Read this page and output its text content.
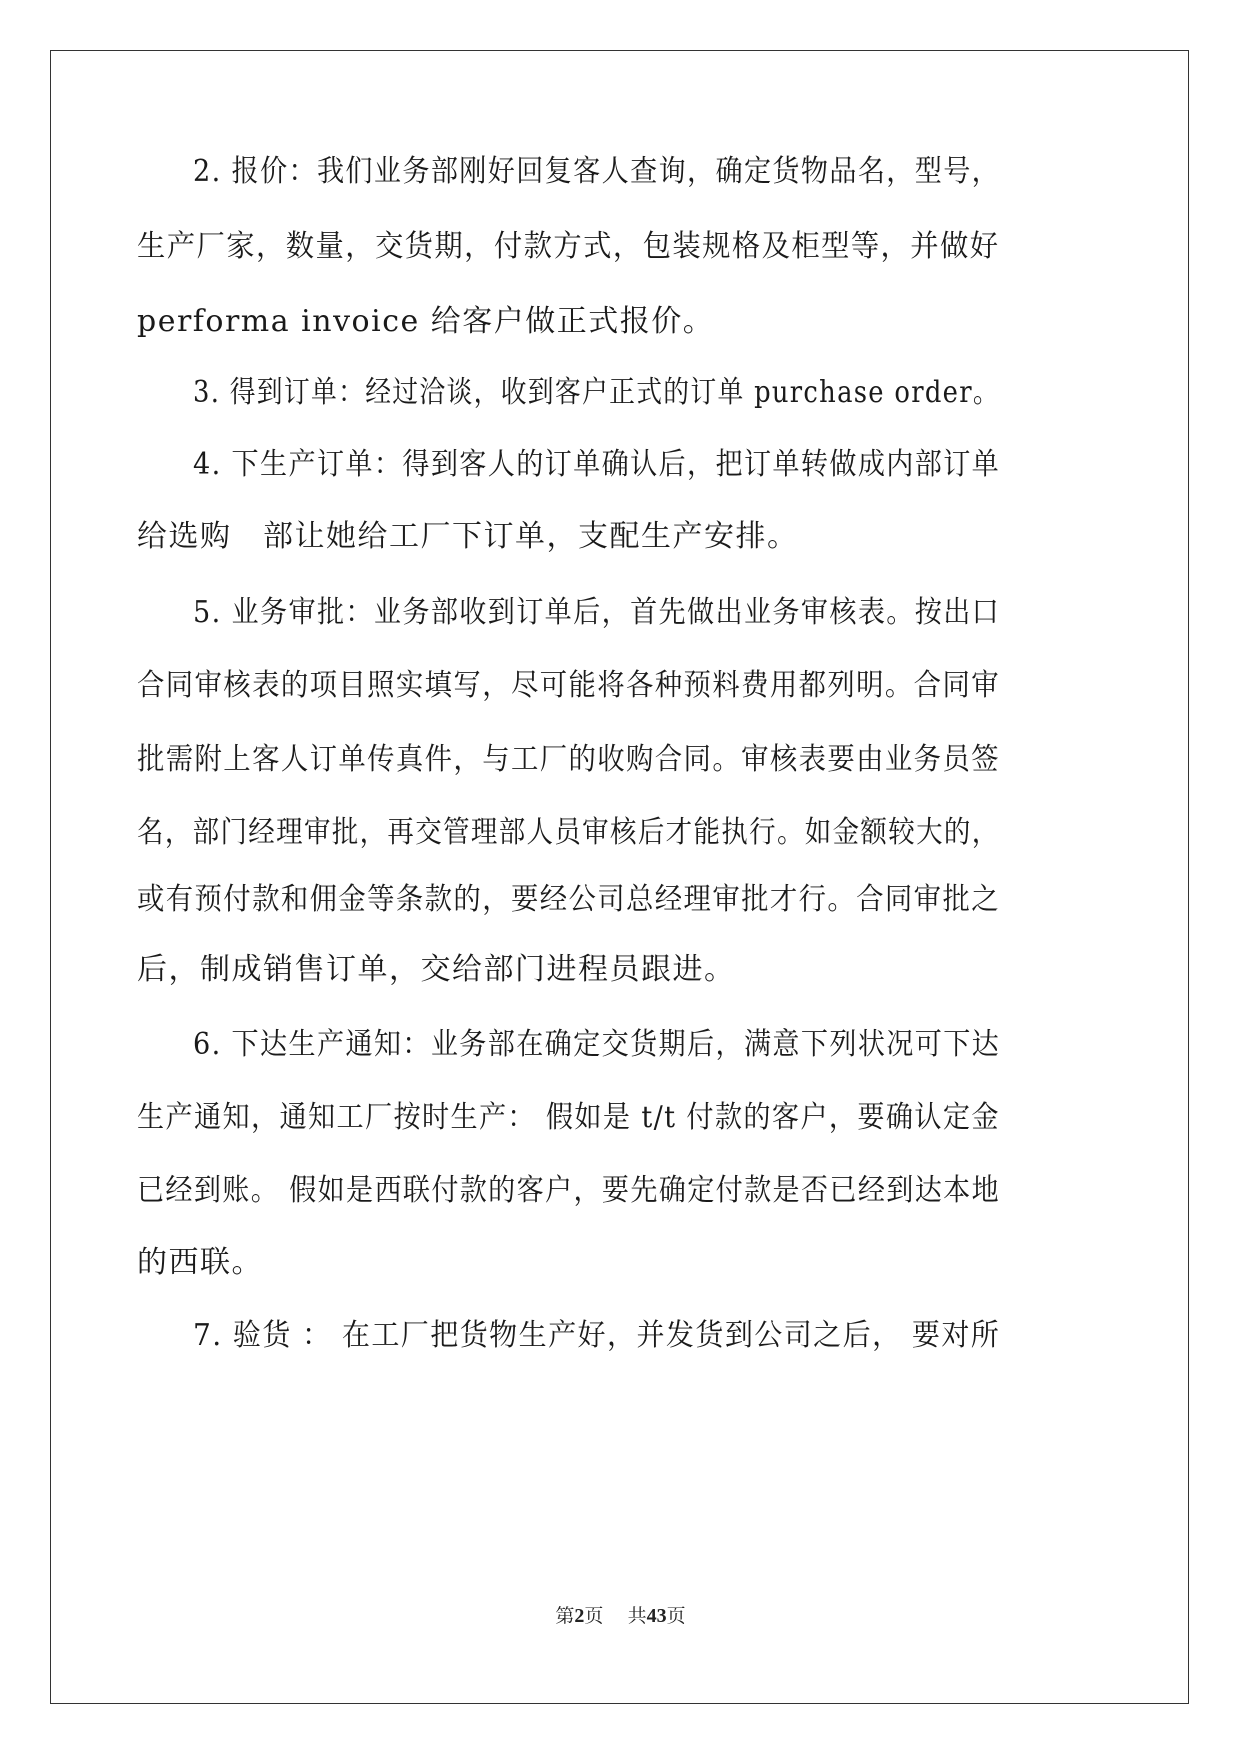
2. 报价：我们业务部刚好回复客人查询，确定货物品名，型号，
生产厂家，数量，交货期，付款方式，包装规格及柜型等，并做好
performa invoice 给客户做正式报价。
3. 得到订单：经过洽谈，收到客户正式的订单 purchase order。
4. 下生产订单：得到客人的订单确认后，把订单转做成内部订单
给选购　部让她给工厂下订单，支配生产安排。
5. 业务审批：业务部收到订单后，首先做出业务审核表。按出口
合同审核表的项目照实填写，尽可能将各种预料费用都列明。合同审
批需附上客人订单传真件，与工厂的收购合同。审核表要由业务员签
名，部门经理审批，再交管理部人员审核后才能执行。如金额较大的，
或有预付款和佣金等条款的，要经公司总经理审批才行。合同审批之
后，制成销售订单，交给部门进程员跟进。
6. 下达生产通知：业务部在确定交货期后，满意下列状况可下达
生产通知，通知工厂按时生产： 假如是 t/t 付款的客户，要确认定金
已经到账。 假如是西联付款的客户，要先确定付款是否已经到达本地
的西联。
7. 验货 ： 在工厂把货物生产好，并发货到公司之后， 要对所
第2页 共43页
